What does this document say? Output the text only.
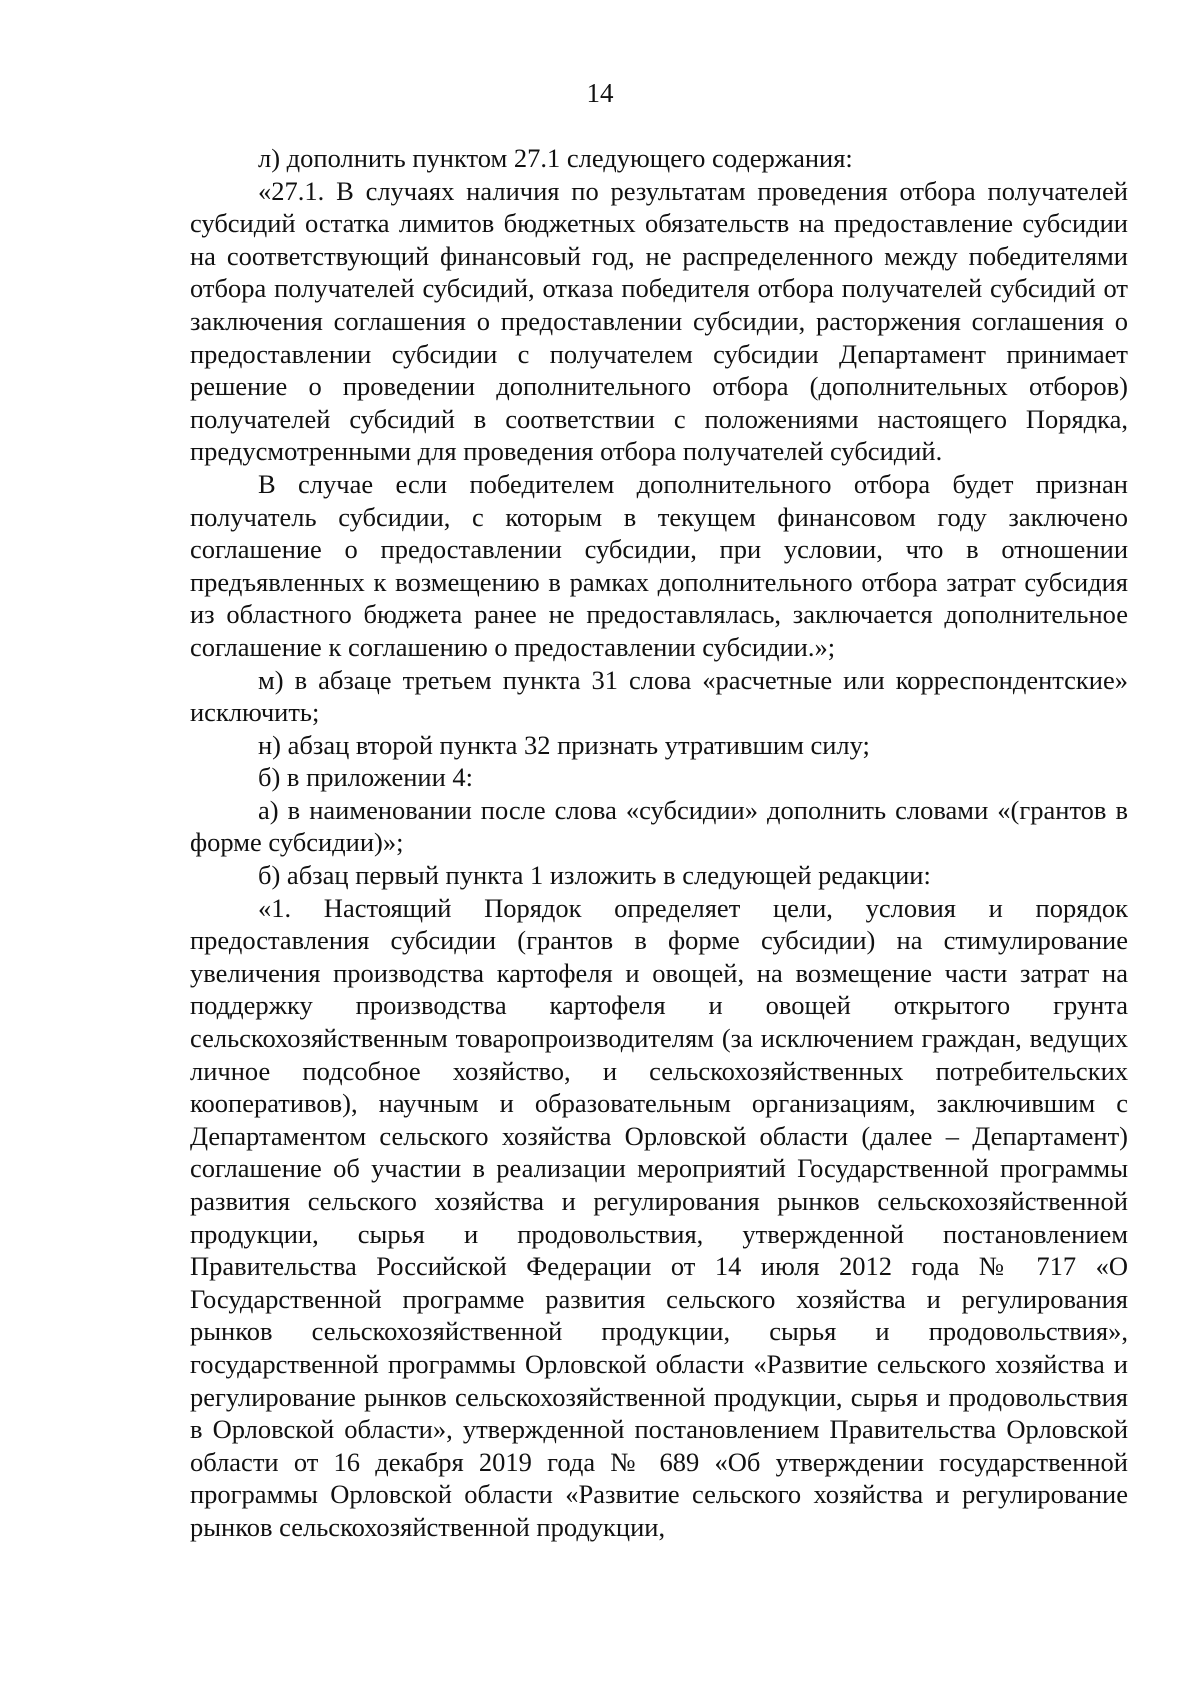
14

л) дополнить пунктом 27.1 следующего содержания:

«27.1. В случаях наличия по результатам проведения отбора получателей субсидий остатка лимитов бюджетных обязательств на предоставление субсидии на соответствующий финансовый год, не распределенного между победителями отбора получателей субсидий, отказа победителя отбора получателей субсидий от заключения соглашения о предоставлении субсидии, расторжения соглашения о предоставлении субсидии с получателем субсидии Департамент принимает решение о проведении дополнительного отбора (дополнительных отборов) получателей субсидий в соответствии с положениями настоящего Порядка, предусмотренными для проведения отбора получателей субсидий.

В случае если победителем дополнительного отбора будет признан получатель субсидии, с которым в текущем финансовом году заключено соглашение о предоставлении субсидии, при условии, что в отношении предъявленных к возмещению в рамках дополнительного отбора затрат субсидия из областного бюджета ранее не предоставлялась, заключается дополнительное соглашение к соглашению о предоставлении субсидии.»;

м) в абзаце третьем пункта 31 слова «расчетные или корреспондентские» исключить;

н) абзац второй пункта 32 признать утратившим силу;

б) в приложении 4:

а) в наименовании после слова «субсидии» дополнить словами «(грантов в форме субсидии)»;

б) абзац первый пункта 1 изложить в следующей редакции:

«1. Настоящий Порядок определяет цели, условия и порядок предоставления субсидии (грантов в форме субсидии) на стимулирование увеличения производства картофеля и овощей, на возмещение части затрат на поддержку производства картофеля и овощей открытого грунта сельскохозяйственным товаропроизводителям (за исключением граждан, ведущих личное подсобное хозяйство, и сельскохозяйственных потребительских кооперативов), научным и образовательным организациям, заключившим с Департаментом сельского хозяйства Орловской области (далее – Департамент) соглашение об участии в реализации мероприятий Государственной программы развития сельского хозяйства и регулирования рынков сельскохозяйственной продукции, сырья и продовольствия, утвержденной постановлением Правительства Российской Федерации от 14 июля 2012 года № 717 «О Государственной программе развития сельского хозяйства и регулирования рынков сельскохозяйственной продукции, сырья и продовольствия», государственной программы Орловской области «Развитие сельского хозяйства и регулирование рынков сельскохозяйственной продукции, сырья и продовольствия в Орловской области», утвержденной постановлением Правительства Орловской области от 16 декабря 2019 года № 689 «Об утверждении государственной программы Орловской области «Развитие сельского хозяйства и регулирование рынков сельскохозяйственной продукции,
